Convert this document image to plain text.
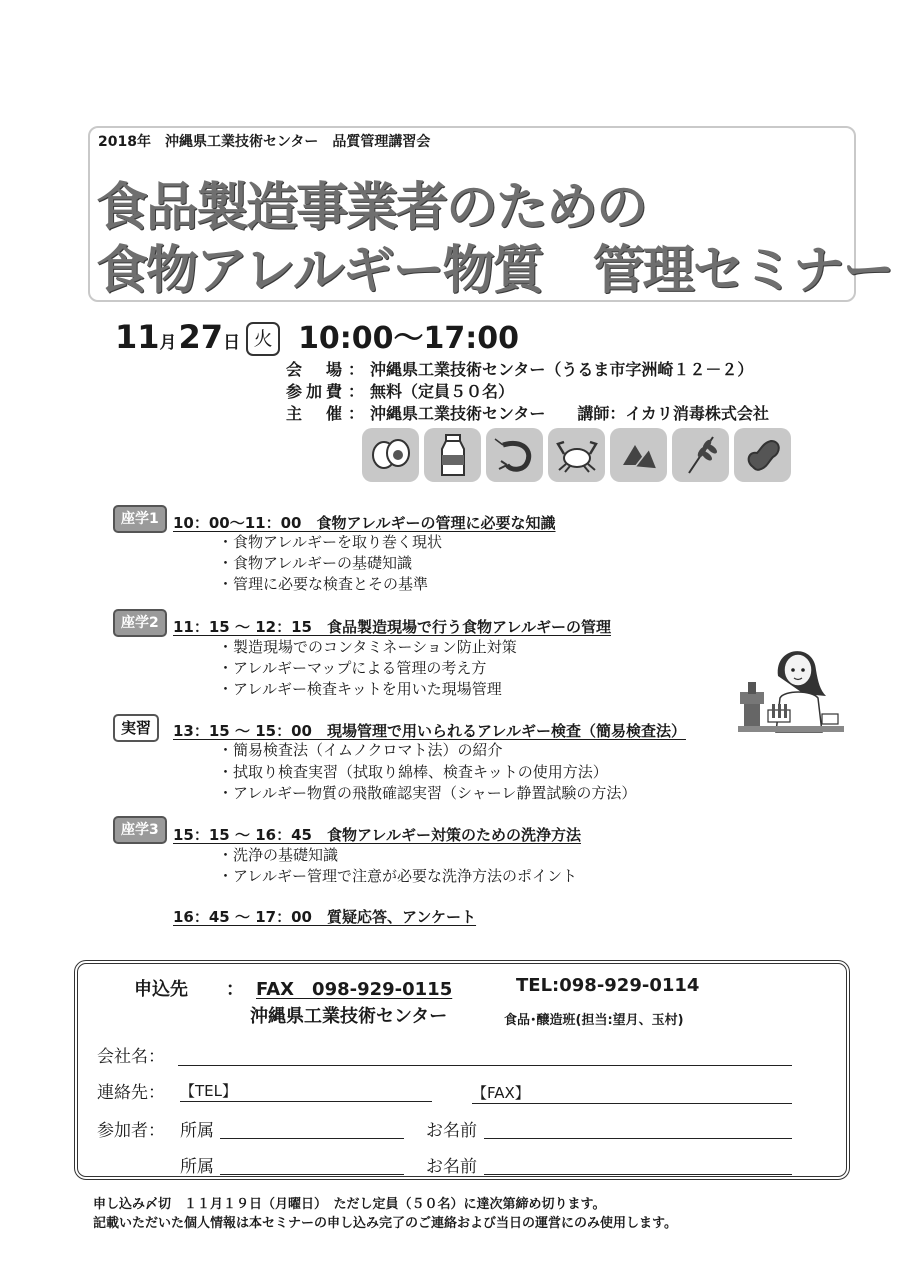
2018年　沖縄県工業技術センター　品質管理講習会
食品製造事業者のための
食物アレルギー物質　管理セミナー
11 月 27 日 火 10:00～17:00
会場 ： 沖縄県工業技術センター（うるま市字洲崎１２－２）
参加費 ： 無料（定員５０名）
主催 ： 沖縄県工業技術センター　　講師：イカリ消毒株式会社
座学1 10：00～11：00　食物アレルギーの管理に必要な知識
・食物アレルギーを取り巻く現状
・食物アレルギーの基礎知識
・管理に必要な検査とその基準
座学2 11：15 ～ 12：15　食品製造現場で行う食物アレルギーの管理
・製造現場でのコンタミネーション防止対策
・アレルギーマップによる管理の考え方
・アレルギー検査キットを用いた現場管理
実習	13：15 ～ 15：00　現場管理で用いられるアレルギー検査（簡易検査法）
・簡易検査法（イムノクロマト法）の紹介
・拭取り検査実習（拭取り綿棒、検査キットの使用方法）
・アレルギー物質の飛散確認実習（シャーレ静置試験の方法）
座学3 15：15 ～ 16：45　食物アレルギー対策のための洗浄方法
・洗浄の基礎知識
・アレルギー管理で注意が必要な洗浄方法のポイント
16：45 ～ 17：00　質疑応答、アンケート
申込先 ： FAX　098-929-0115	TEL:098-929-0114
沖縄県工業技術センター	食品･醸造班(担当:望月、玉村)
会社名：
連絡先： 【TEL】	【FAX】
参加者： 所属	お名前
所属	お名前
申し込み〆切　１１月１９日（月曜日）　ただし定員（５０名）に達次第締め切ります。
記載いただいた個人情報は本セミナーの申し込み完了のご連絡および当日の運営にのみ使用します。
